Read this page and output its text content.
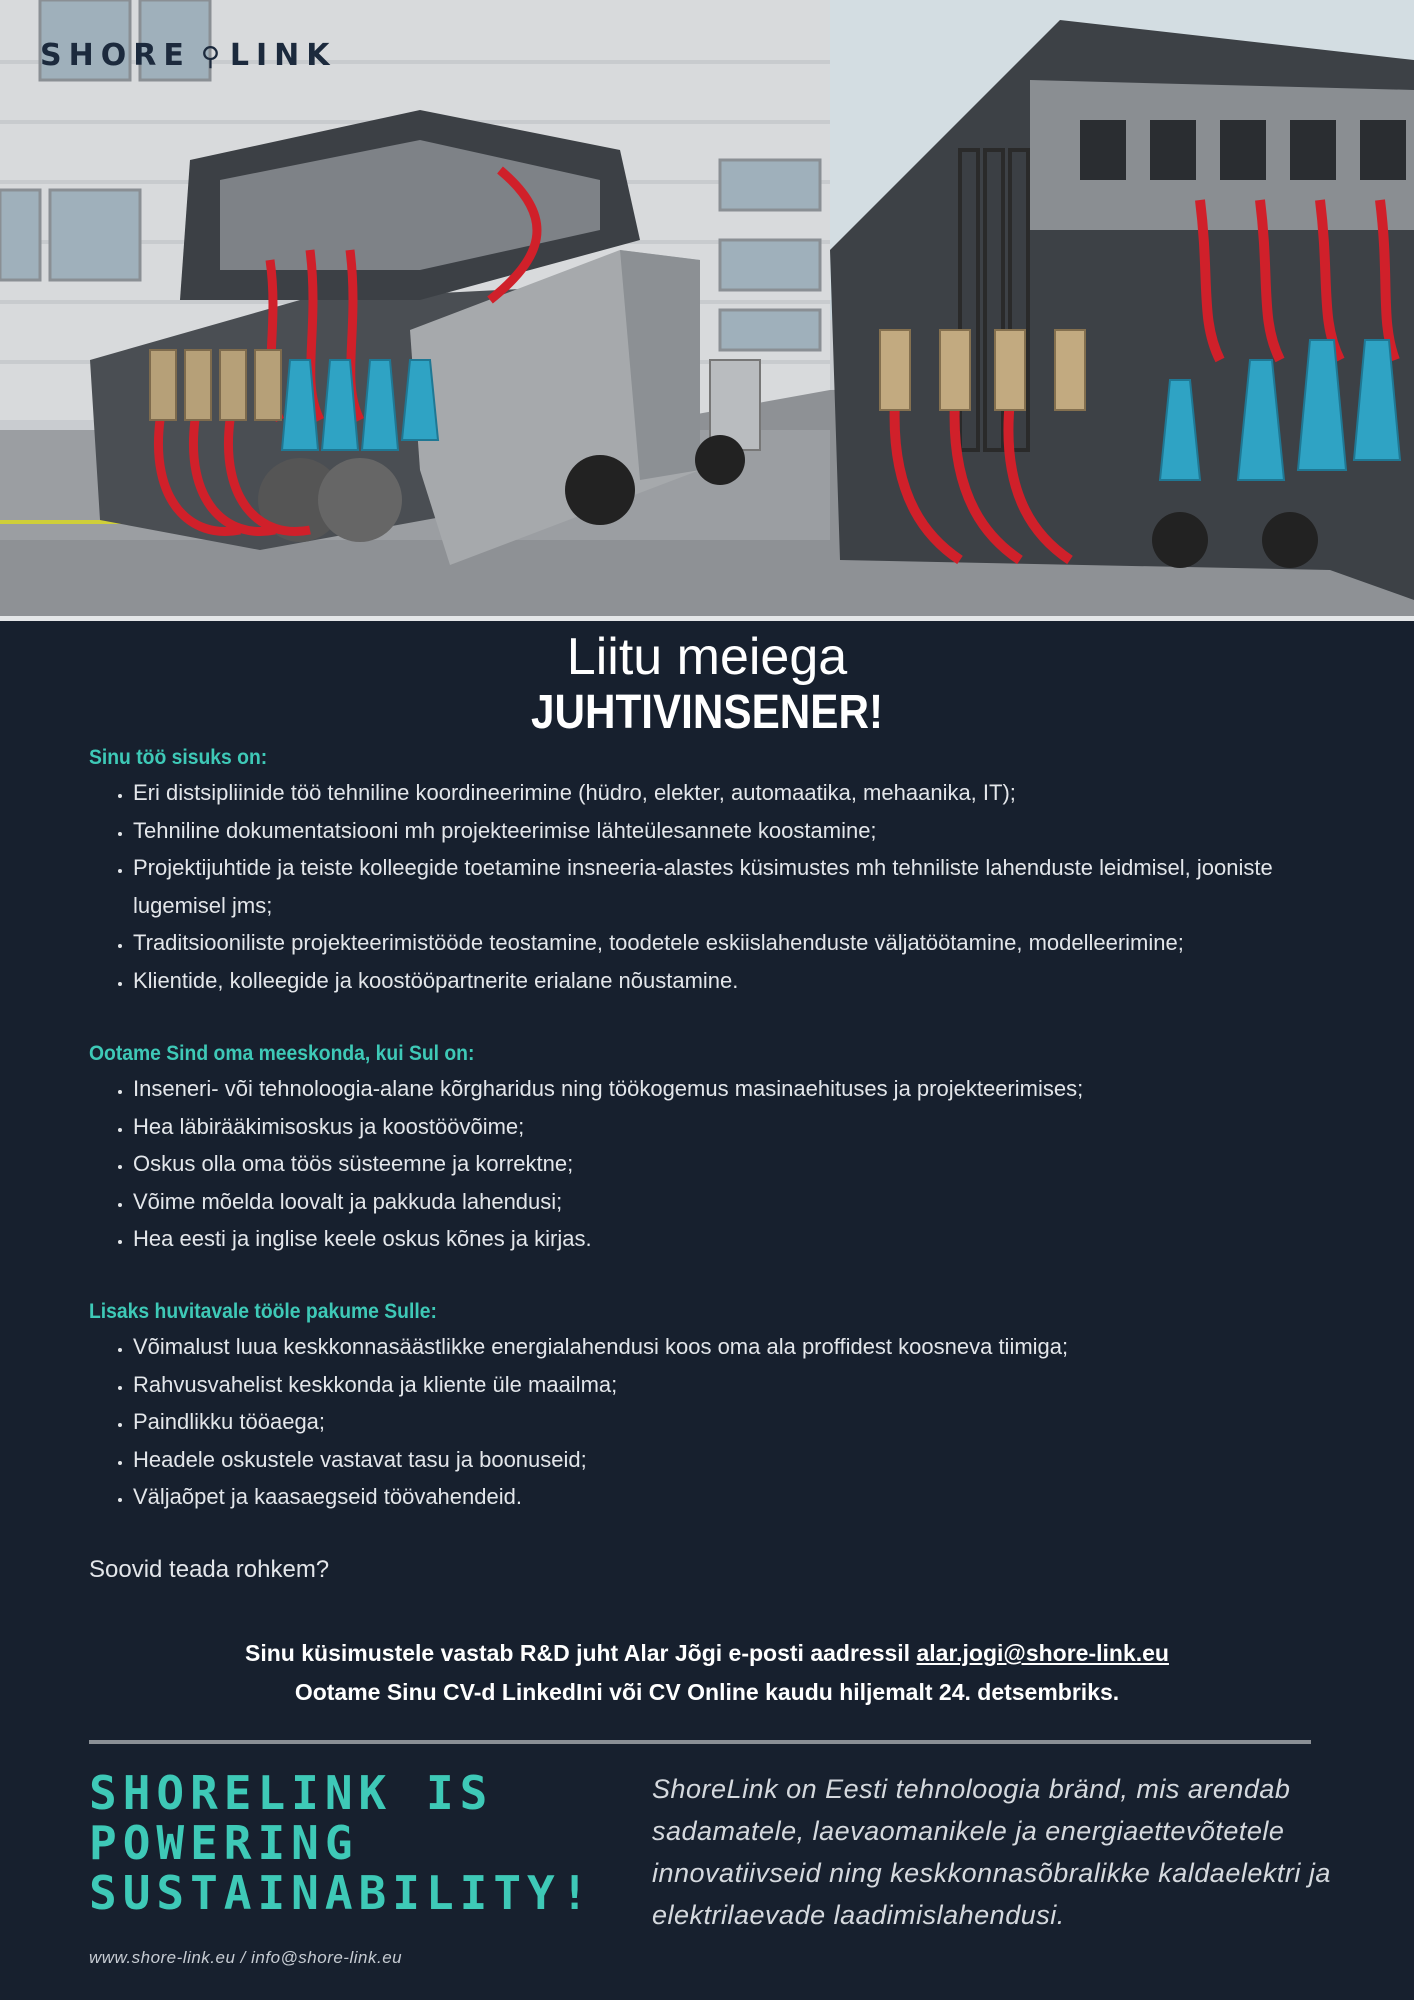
SHORE ⚲ LINK
Liitu meiega
JUHTIVINSENER!
Sinu töö sisuks on:
• Eri distsipliinide töö tehniline koordineerimine (hüdro, elekter, automaatika, mehaanika, IT);
• Tehniline dokumentatsiooni mh projekteerimise lähteülesannete koostamine;
• Projektijuhtide ja teiste kolleegide toetamine insneeria-alastes küsimustes mh tehniliste lahenduste leidmisel, jooniste lugemisel jms;
• Traditsiooniliste projekteerimistööde teostamine, toodetele eskiislahenduste väljatöötamine, modelleerimine;
• Klientide, kolleegide ja koostööpartnerite erialane nõustamine.
Ootame Sind oma meeskonda, kui Sul on:
• Inseneri- või tehnoloogia-alane kõrgharidus ning töökogemus masinaehituses ja projekteerimises;
• Hea läbirääkimisoskus ja koostöövõime;
• Oskus olla oma töös süsteemne ja korrektne;
• Võime mõelda loovalt ja pakkuda lahendusi;
• Hea eesti ja inglise keele oskus kõnes ja kirjas.
Lisaks huvitavale tööle pakume Sulle:
• Võimalust luua keskkonnasäästlikke energialahendusi koos oma ala proffidest koosneva tiimiga;
• Rahvusvahelist keskkonda ja kliente üle maailma;
• Paindlikku tööaega;
• Headele oskustele vastavat tasu ja boonuseid;
• Väljaõpet ja kaasaegseid töövahendeid.
Soovid teada rohkem?
Sinu küsimustele vastab R&D juht Alar Jõgi e-posti aadressil alar.jogi@shore-link.eu
Ootame Sinu CV-d LinkedIni või CV Online kaudu hiljemalt 24. detsembriks.
SHORELINK IS
POWERING
SUSTAINABILITY!
www.shore-link.eu / info@shore-link.eu
ShoreLink on Eesti tehnoloogia bränd, mis arendab sadamatele, laevaomanikele ja energiaettevõtetele innovatiivseid ning keskkonnasõbralikke kaldaelektri ja elektrilaevade laadimislahendusi.
